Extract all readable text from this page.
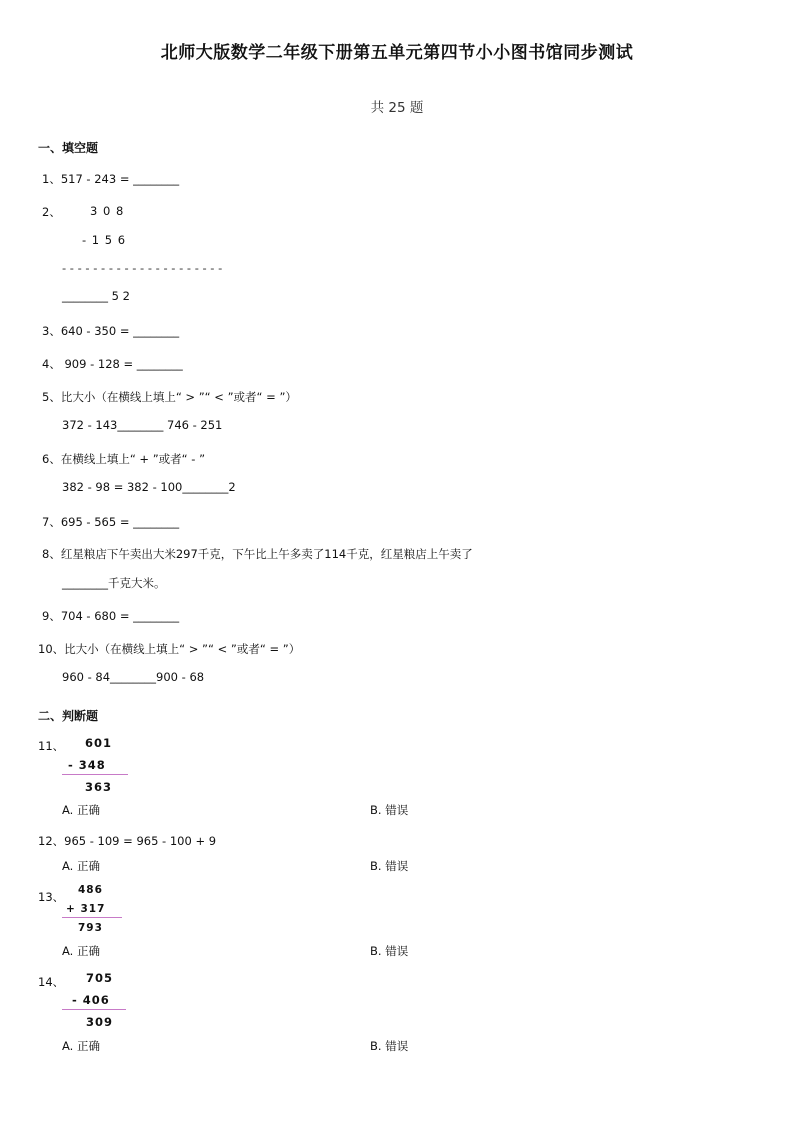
北师大版数学二年级下册第五单元第四节小小图书馆同步测试
共 25 题
一、填空题
1、517 - 243 = ________
2、	3 0 8
- 1 5 6
- - - - - - - - - - - - - - - - - - - - -
________ 5 2
3、640 - 350 = ________
4、 909 - 128 = ________
5、比大小（在横线上填上“ > ”“ < ”或者“ = ”）
372 - 143________ 746 - 251
6、在横线上填上“ + ”或者“ - ”
382 - 98 = 382 - 100________2
7、695 - 565 = ________
8、红星粮店下午卖出大米297千克，下午比上午多卖了114千克，红星粮店上午卖了
________千克大米。
9、704 - 680 = ________
10、比大小（在横线上填上“ > ”“ < ”或者“ = ”）
960 - 84________900 - 68
二、判断题
11、 601
- 348
363
A. 正确	B. 错误
12、965 - 109 = 965 - 100 + 9
A. 正确	B. 错误
13、 486
+ 317
793
A. 正确	B. 错误
14、 705
- 406
309
A. 正确	B. 错误
